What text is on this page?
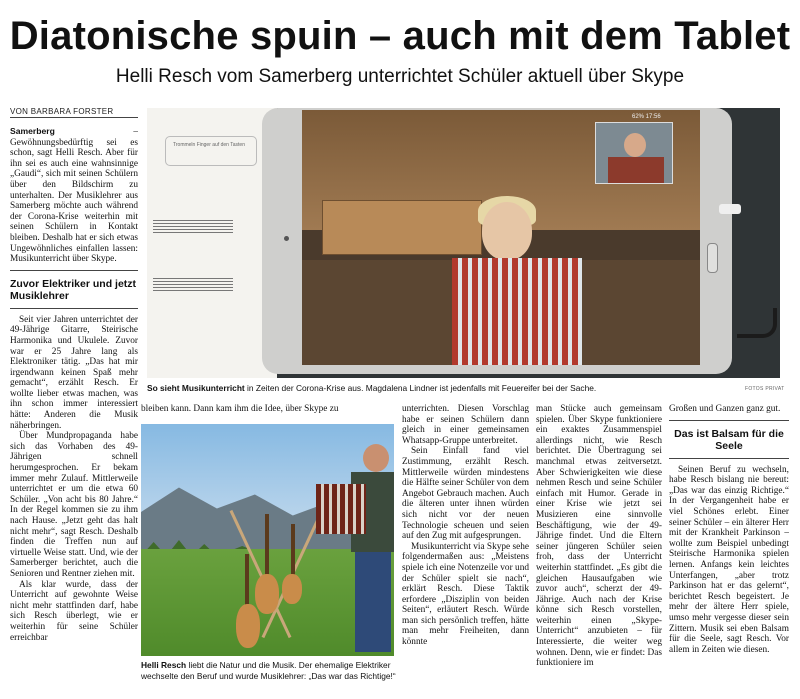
Diatonische spuin – auch mit dem Tablet
Helli Resch vom Samerberg unterrichtet Schüler aktuell über Skype
VON BARBARA FORSTER

Samerberg – Gewöhnungsbedürftig sei es schon, sagt Helli Resch. Aber für ihn sei es auch eine wahnsinnige „Gaudi“, sich mit seinen Schülern über den Bildschirm zu unterhalten. Der Musiklehrer aus Samerberg möchte auch während der Corona-Krise weiterhin mit seinen Schülern in Kontakt bleiben. Deshalb hat er sich etwas Ungewöhnliches einfallen lassen: Musikunterricht über Skype.

Zuvor Elektriker und jetzt Musiklehrer

Seit vier Jahren unterrichtet der 49-Jährige Gitarre, Steirische Harmonika und Ukulele. Zuvor war er 25 Jahre lang als Elektroniker tätig. „Das hat mir irgendwann keinen Spaß mehr gemacht“, erzählt Resch. Er wollte lieber etwas machen, was ihn schon immer interessiert hätte: Anderen die Musik näherbringen.

Über Mundpropaganda habe sich das Vorhaben des 49-Jährigen schnell herumgesprochen. Er bekam immer mehr Zulauf. Mittlerweile unterrichtet er um die etwa 60 Schüler. „Von acht bis 80 Jahre.“ In der Regel kommen sie zu ihm nach Hause. „Jetzt geht das halt nicht mehr“, sagt Resch. Deshalb finden die Treffen nun auf virtuelle Weise statt. Und, wie der Samerberger berichtet, auch die Senioren und Rentner ziehen mit.

Als klar wurde, dass der Unterricht auf gewohnte Weise nicht mehr stattfinden darf, habe sich Resch überlegt, wie er weiterhin für seine Schüler erreichbar

Trommeln Finger auf den Tasten
62% 17:56
So sieht Musikunterricht in Zeiten der Corona-Krise aus. Magdalena Lindner ist jedenfalls mit Feuereifer bei der Sache.	FOTOS PRIVAT

bleiben kann. Dann kam ihm die Idee, über Skype zu

Helli Resch liebt die Natur und die Musik. Der ehemalige Elektriker wechselte den Beruf und wurde Musiklehrer: „Das war das Richtige!“

unterrichten. Diesen Vorschlag habe er seinen Schülern dann gleich in einer gemeinsamen Whatsapp-Gruppe unterbreitet.

Sein Einfall fand viel Zustimmung, erzählt Resch. Mittlerweile würden mindestens die Hälfte seiner Schüler von dem Angebot Gebrauch machen. Auch die älteren unter ihnen würden sich nicht vor der neuen Technologie scheuen und seien auf den Zug mit aufgesprungen.

Musikunterricht via Skype sehe folgendermaßen aus: „Meistens spiele ich eine Notenzeile vor und der Schüler spielt sie nach“, erklärt Resch. Diese Taktik erfordere „Disziplin von beiden Seiten“, erläutert Resch. Würde man sich persönlich treffen, hätte man mehr Freiheiten, dann könnte

man Stücke auch gemeinsam spielen. Über Skype funktioniere ein exaktes Zusammenspiel allerdings nicht, wie Resch berichtet. Die Übertragung sei manchmal etwas zeitversetzt. Aber Schwierigkeiten wie diese nehmen Resch und seine Schüler einfach mit Humor. Gerade in einer Krise wie jetzt sei Musizieren eine sinnvolle Beschäftigung, wie der 49-Jährige findet. Und die Eltern seiner jüngeren Schüler seien froh, dass der Unterricht weiterhin stattfindet. „Es gibt die gleichen Hausaufgaben wie zuvor auch“, scherzt der 49-Jährige. Auch nach der Krise könne sich Resch vorstellen, weiterhin einen „Skype-Unterricht“ anzubieten – für Interessierte, die weiter weg wohnen. Denn, wie er findet: Das funktioniere im

Großen und Ganzen ganz gut.

Das ist Balsam für die Seele

Seinen Beruf zu wechseln, habe Resch bislang nie bereut: „Das war das einzig Richtige.“ In der Vergangenheit habe er viel Schönes erlebt. Einer seiner Schüler – ein älterer Herr mit der Krankheit Parkinson – wollte zum Beispiel unbedingt Steirische Harmonika spielen lernen. Anfangs kein leichtes Unterfangen, „aber trotz Parkinson hat er das gelernt“, berichtet Resch begeistert. Je mehr der ältere Herr spiele, umso mehr vergesse dieser sein Zittern. Musik sei eben Balsam für die Seele, sagt Resch. Vor allem in Zeiten wie diesen.
